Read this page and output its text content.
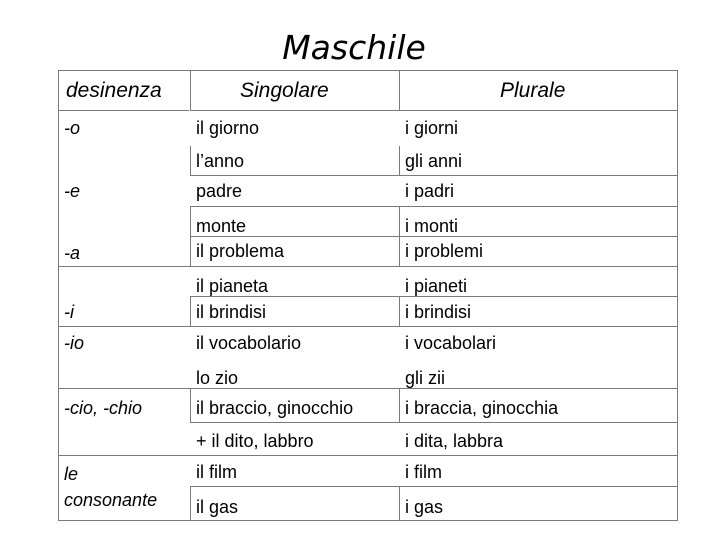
Maschile
desinenza	Singolare	Plurale
-o
-e
-a
-i
-io
-cio, -chio
le
consonante
il giorno
l’anno
padre
monte
il problema
il pianeta
il brindisi
il vocabolario
lo zio
il braccio, ginocchio
+ il dito, labbro
il film
il gas
i giorni
gli anni
i padri
i monti
i problemi
i pianeti
i brindisi
i vocabolari
gli zii
i braccia, ginocchia
i dita, labbra
i film
i gas
